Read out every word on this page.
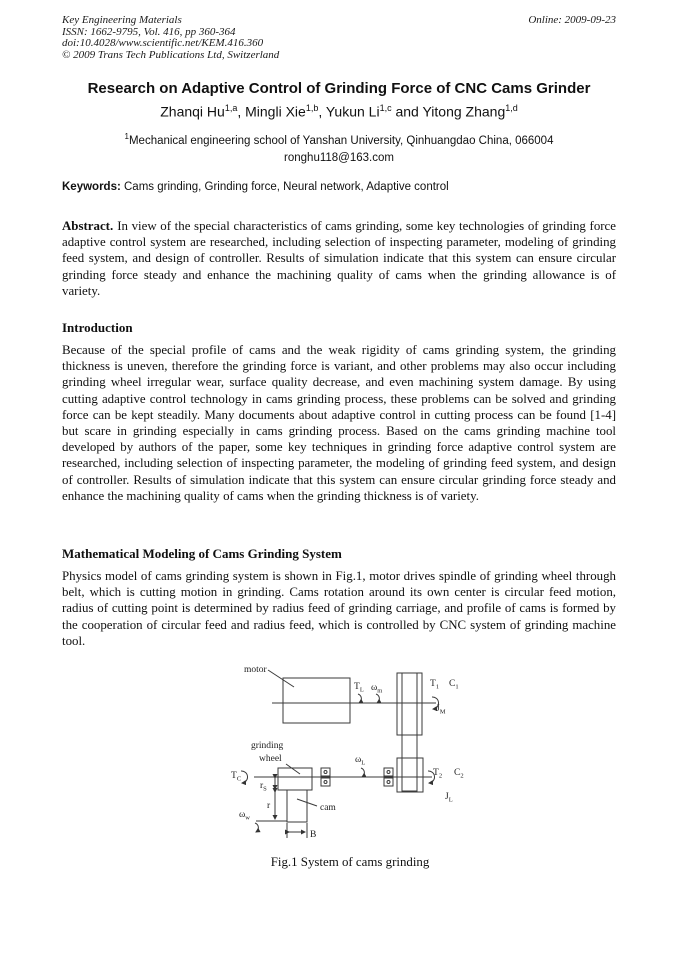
Key Engineering Materials	Online: 2009-09-23
ISSN: 1662-9795, Vol. 416, pp 360-364
doi:10.4028/www.scientific.net/KEM.416.360
© 2009 Trans Tech Publications Ltd, Switzerland
Research on Adaptive Control of Grinding Force of CNC Cams Grinder
Zhanqi Hu$^{1,a}$, Mingli Xie$^{1,b}$, Yukun Li$^{1,c}$ and Yitong Zhang$^{1,d}$
$^1$Mechanical engineering school of Yanshan University, Qinhuangdao China, 066004
ronghu118@163.com
Keywords: Cams grinding, Grinding force, Neural network, Adaptive control
Abstract. In view of the special characteristics of cams grinding, some key technologies of grinding force adaptive control system are researched, including selection of inspecting parameter, modeling of grinding feed system, and design of controller. Results of simulation indicate that this system can ensure circular grinding force steady and enhance the machining quality of cams when the grinding allowance is of variety.
Introduction
Because of the special profile of cams and the weak rigidity of cams grinding system, the grinding thickness is uneven, therefore the grinding force is variant, and other problems may also occur including grinding wheel irregular wear, surface quality decrease, and even machining system damage. By using cutting adaptive control technology in cams grinding process, these problems can be solved and grinding force can be kept steadily. Many documents about adaptive control in cutting process can be found [1-4] but scare in grinding especially in cams grinding process. Based on the cams grinding machine tool developed by authors of the paper, some key techniques in grinding force adaptive control system are researched, including selection of inspecting parameter, the modeling of grinding feed system, and design of controller. Results of simulation indicate that this system can ensure circular grinding force steady and enhance the machining quality of cams when the grinding thickness is of variety.
Mathematical Modeling of Cams Grinding System
Physics model of cams grinding system is shown in Fig.1, motor drives spindle of grinding wheel through belt, which is cutting motion in grinding. Cams rotation around its own center is circular feed motion, radius of cutting point is determined by radius feed of grinding carriage, and profile of cams is formed by the cooperation of circular feed and radius feed, which is controlled by CNC system of grinding machine tool.
motor
$T_L$ $\omega_m$
$T_1$ $C_1$
$J_M$
grinding
wheel
$T_C$
$r_S$
r
$\omega_w$
cam
B
$\omega_L$
$T_2$ $C_2$
$J_L$
Fig.1 System of cams grinding
